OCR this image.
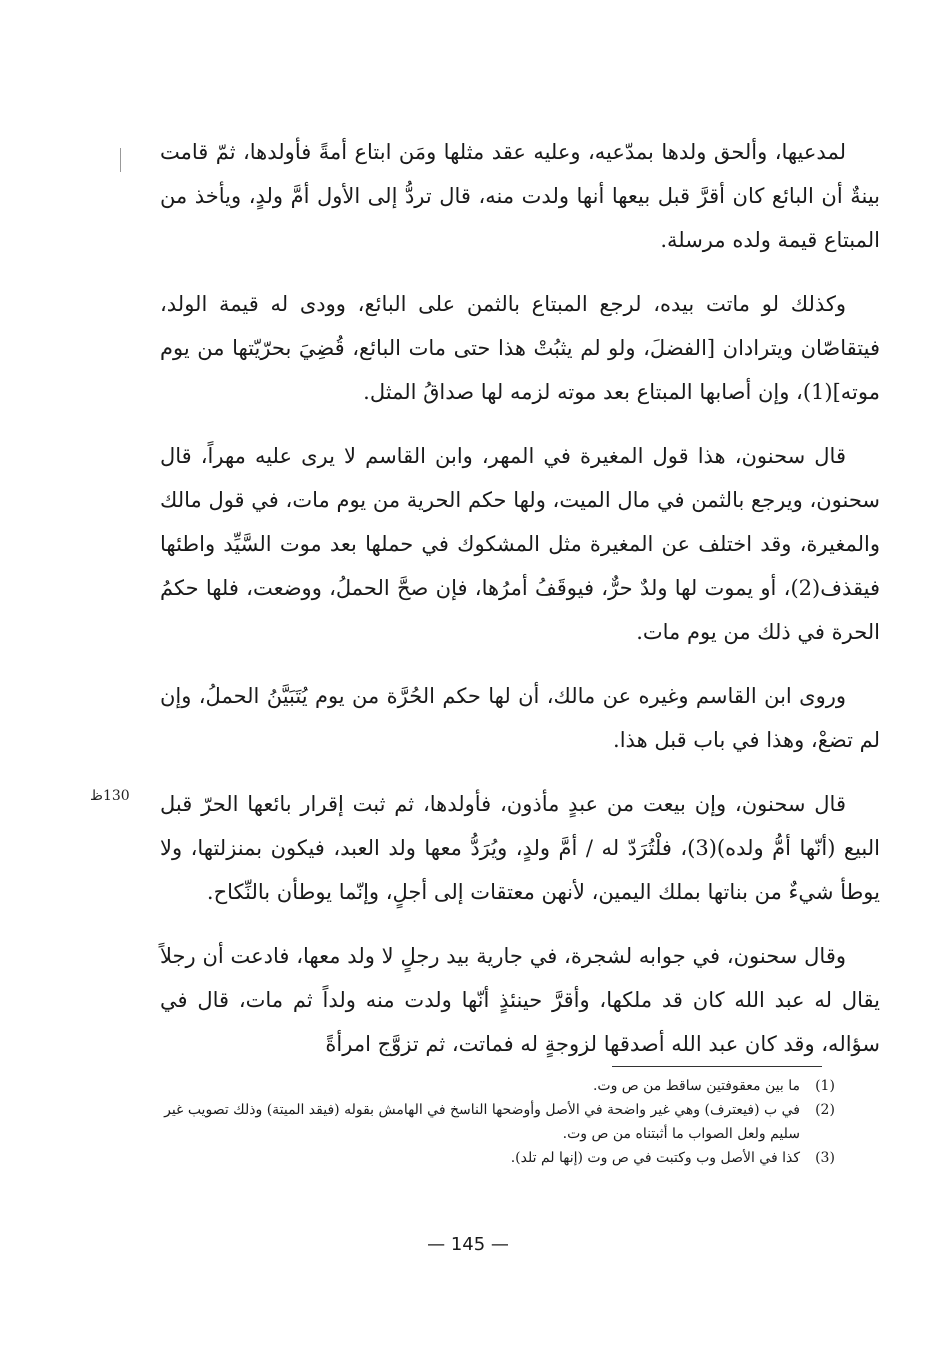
لمدعيها، وألحق ولدها بمدّعيه، وعليه عقد مثلها ومَن ابتاع أمةً فأولدها، ثمّ قامت بينةٌ أن البائع كان أقرَّ قبل بيعها أنها ولدت منه، قال تردُّ إلى الأول أمَّ ولدٍ، ويأخذ من المبتاع قيمة ولده مرسلة.

وكذلك لو ماتت بيده، لرجع المبتاع بالثمن على البائع، وودى له قيمة الولد، فيتقاصّان ويترادان [الفضلَ، ولو لم يثبُتْ هذا حتى مات البائع، قُضِيَ بحرّيّتها من يوم موته](1)، وإن أصابها المبتاع بعد موته لزمه لها صداقُ المثل.

قال سحنون، هذا قول المغيرة في المهر، وابن القاسم لا يرى عليه مهراً، قال سحنون، ويرجع بالثمن في مال الميت، ولها حكم الحرية من يوم مات، في قول مالك والمغيرة، وقد اختلف عن المغيرة مثل المشكوك في حملها بعد موت السَّيِّد واطئها فيقذف(2)، أو يموت لها ولدٌ حرٌّ، فيوقَفُ أمرُها، فإن صحَّ الحملُ، ووضعت، فلها حكمُ الحرة في ذلك من يوم مات.

وروى ابن القاسم وغيره عن مالك، أن لها حكم الحُرَّة من يوم يُتَبَيَّنُ الحملُ، وإن لم تضعْ، وهذا في باب قبل هذا.

قال سحنون، وإن بيعت من عبدٍ مأذون، فأولدها، ثم ثبت إقرار بائعها الحرّ قبل البيع (أنّها أمُّ ولده)(3)، فلْتُرَدّ له / أمَّ ولدٍ، ويُرَدُّ معها ولد العبد، فيكون بمنزلتها، ولا يوطأ شيءٌ من بناتها بملك اليمين، لأنهن معتقات إلى أجلٍ، وإنّما يوطأن بالنِّكاح.

وقال سحنون، في جوابه لشجرة، في جارية بيد رجلٍ لا ولد معها، فادعت أن رجلاً يقال له عبد الله كان قد ملكها، وأقرَّ حينئذٍ أنّها ولدت منه ولداً ثم مات، قال في سؤاله، وقد كان عبد الله أصدقها لزوجةٍ له فماتت، ثم تزوَّج امرأةً

130ظ
(1)
ما بين معقوفتين ساقط من ص وت.
(2)
في ب (فيعترف) وهي غير واضحة في الأصل وأوضحها الناسخ في الهامش بقوله (فيقد الميتة) وذلك تصويب غير سليم ولعل الصواب ما أثبتناه من ص وت.
(3)
كذا في الأصل وب وكتبت في ص وت (إنها لم تلد).
— 145 —
